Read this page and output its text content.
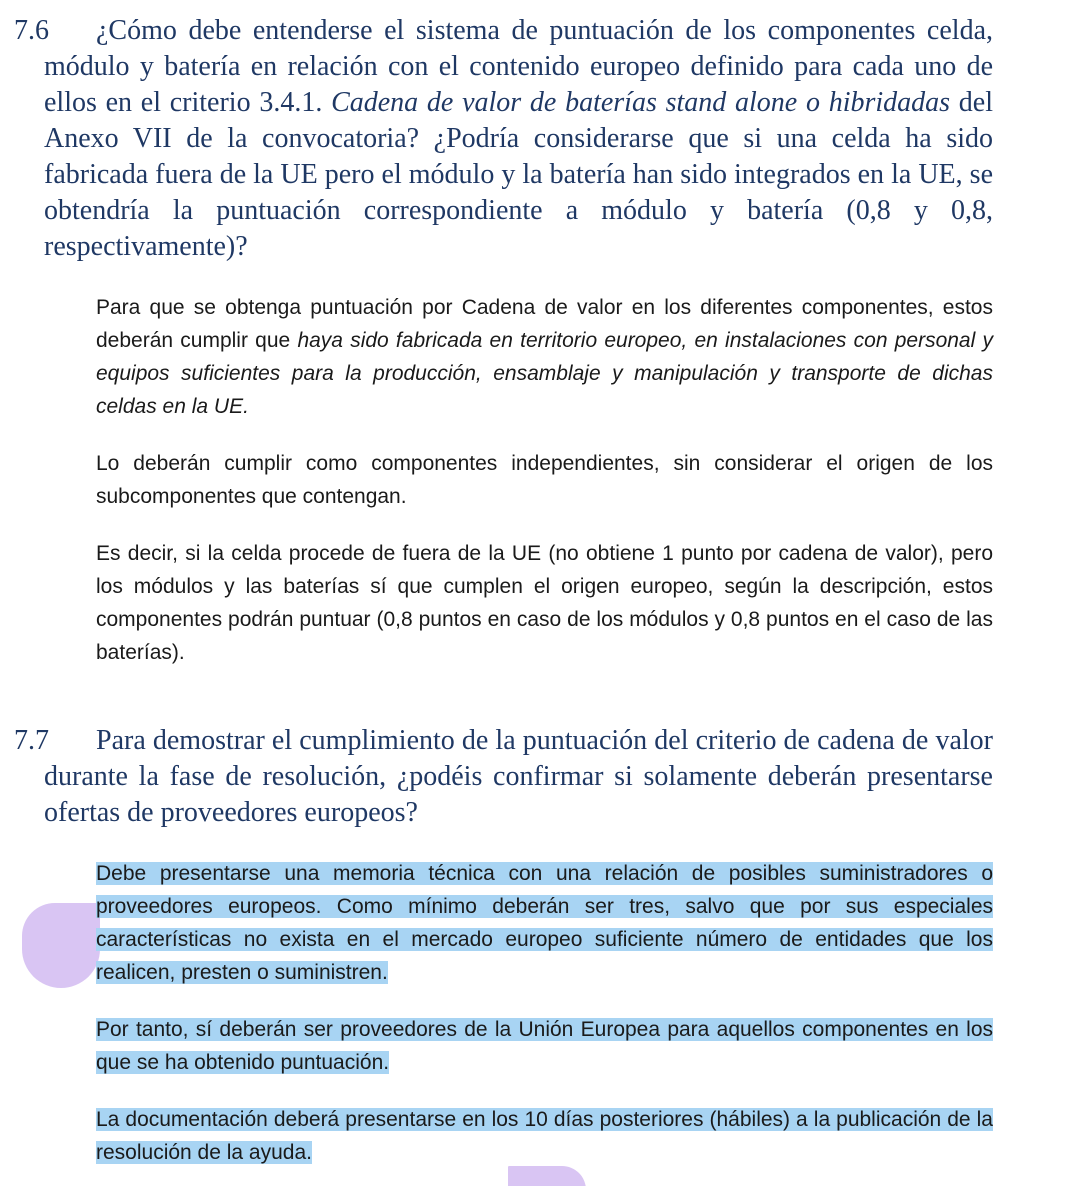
7.6 ¿Cómo debe entenderse el sistema de puntuación de los componentes celda, módulo y batería en relación con el contenido europeo definido para cada uno de ellos en el criterio 3.4.1. Cadena de valor de baterías stand alone o hibridadas del Anexo VII de la convocatoria? ¿Podría considerarse que si una celda ha sido fabricada fuera de la UE pero el módulo y la batería han sido integrados en la UE, se obtendría la puntuación correspondiente a módulo y batería (0,8 y 0,8, respectivamente)?

Para que se obtenga puntuación por Cadena de valor en los diferentes componentes, estos deberán cumplir que haya sido fabricada en territorio europeo, en instalaciones con personal y equipos suficientes para la producción, ensamblaje y manipulación y transporte de dichas celdas en la UE.

Lo deberán cumplir como componentes independientes, sin considerar el origen de los subcomponentes que contengan.

Es decir, si la celda procede de fuera de la UE (no obtiene 1 punto por cadena de valor), pero los módulos y las baterías sí que cumplen el origen europeo, según la descripción, estos componentes podrán puntuar (0,8 puntos en caso de los módulos y 0,8 puntos en el caso de las baterías).

7.7 Para demostrar el cumplimiento de la puntuación del criterio de cadena de valor durante la fase de resolución, ¿podéis confirmar si solamente deberán presentarse ofertas de proveedores europeos?

Debe presentarse una memoria técnica con una relación de posibles suministradores o proveedores europeos. Como mínimo deberán ser tres, salvo que por sus especiales características no exista en el mercado europeo suficiente número de entidades que los realicen, presten o suministren.

Por tanto, sí deberán ser proveedores de la Unión Europea para aquellos componentes en los que se ha obtenido puntuación.

La documentación deberá presentarse en los 10 días posteriores (hábiles) a la publicación de la resolución de la ayuda.
